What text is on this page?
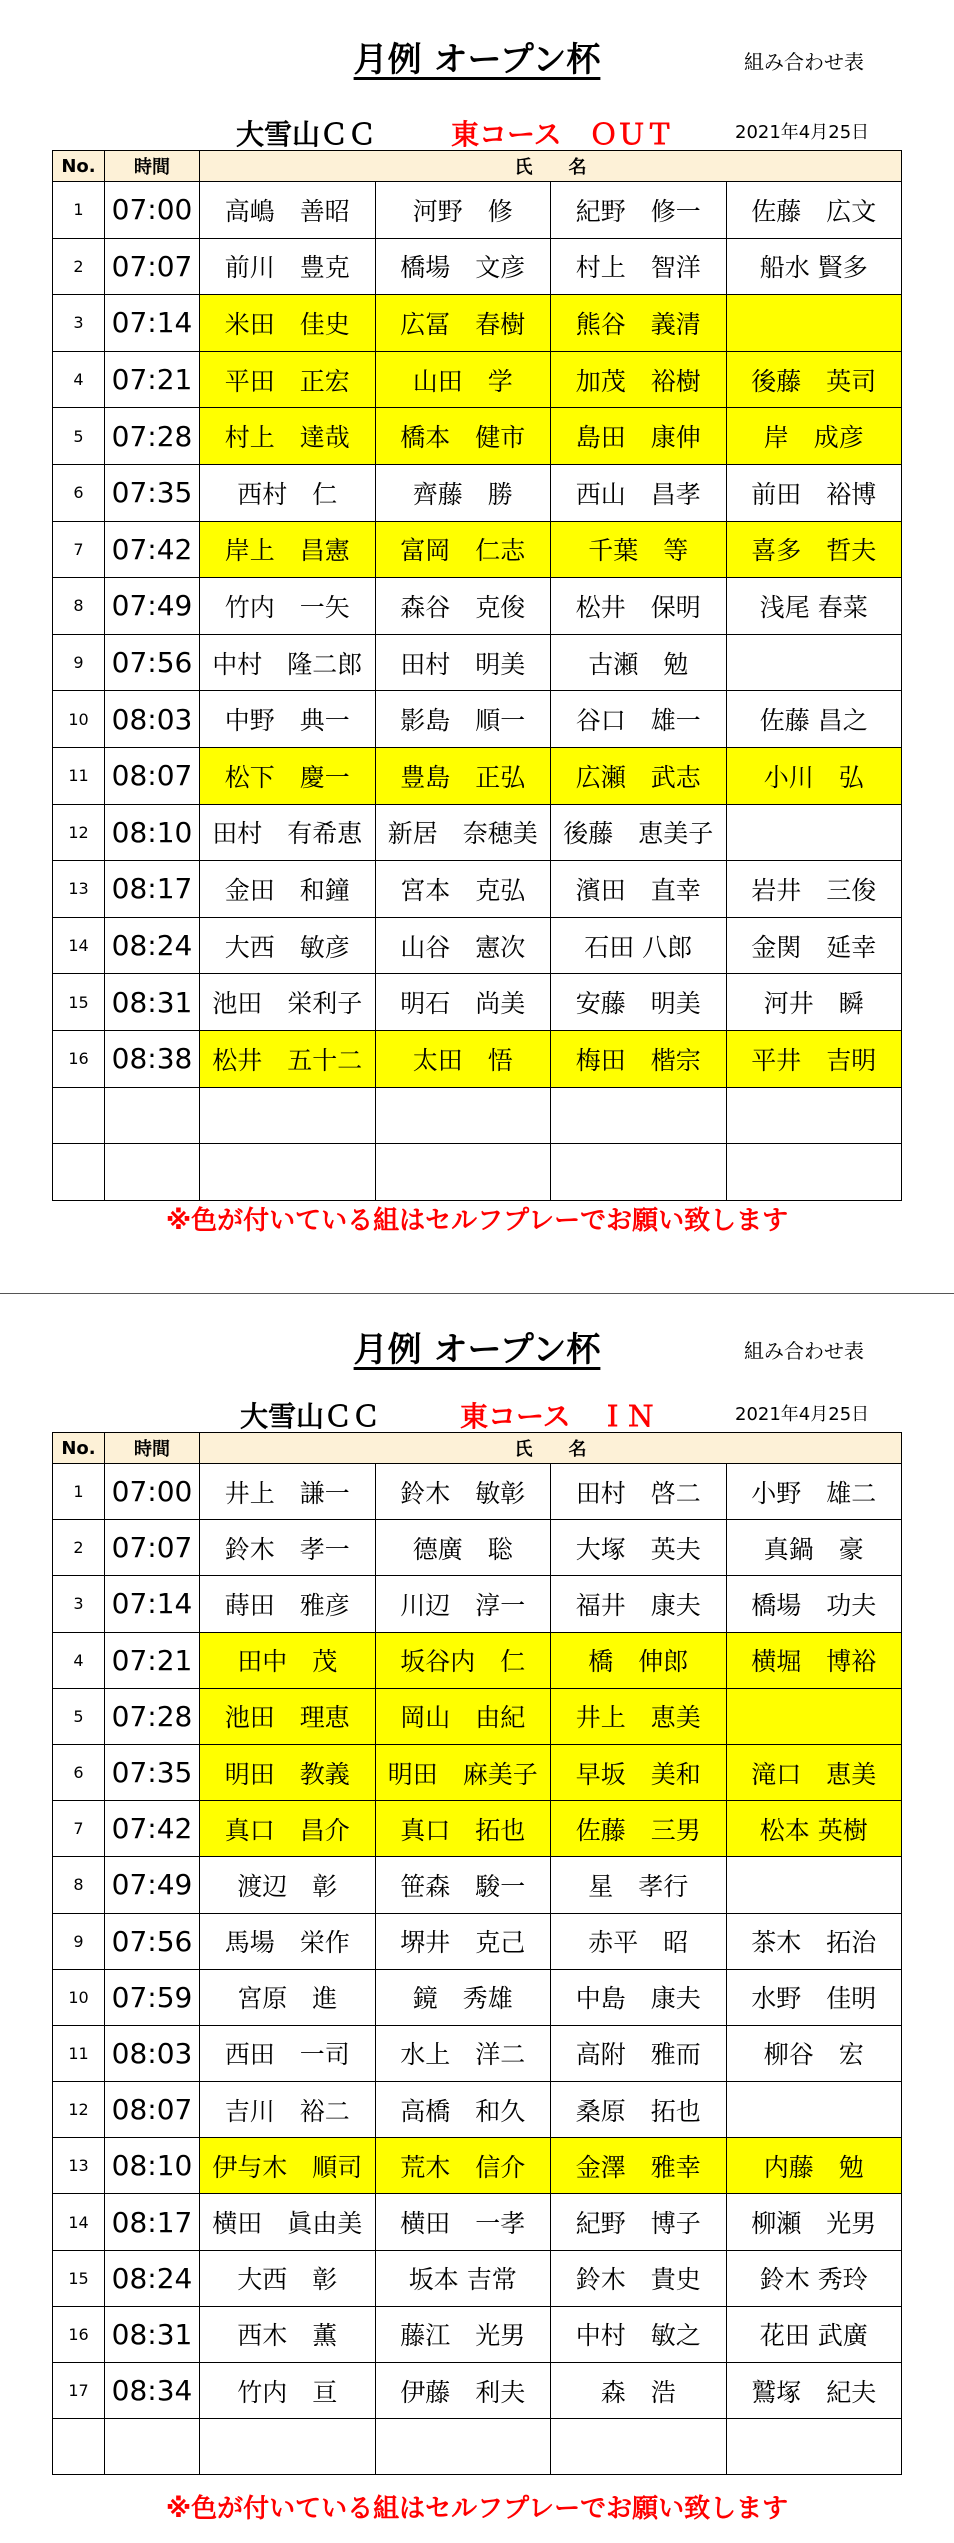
月例 オープン杯	組み合わせ表
大雪山ＣＣ	東コース　ＯＵＴ	2021年4月25日
No.	時間	氏　　名			
1	07:00	高嶋　善昭	河野　修	紀野　修一	佐藤　広文
2	07:07	前川　豊克	橋場　文彦	村上　智洋	船水 賢多
3	07:14	米田　佳史	広冨　春樹	熊谷　義清	
4	07:21	平田　正宏	山田　学	加茂　裕樹	後藤　英司
5	07:28	村上　達哉	橋本　健市	島田　康伸	岸　成彦
6	07:35	西村　仁	齊藤　勝	西山　昌孝	前田　裕博
7	07:42	岸上　昌憲	富岡　仁志	千葉　等	喜多　哲夫
8	07:49	竹内　一矢	森谷　克俊	松井　保明	浅尾 春菜
9	07:56	中村　隆二郎	田村　明美	古瀬　勉	
10	08:03	中野　典一	影島　順一	谷口　雄一	佐藤 昌之
11	08:07	松下　慶一	豊島　正弘	広瀬　武志	小川　弘
12	08:10	田村　有希恵	新居　奈穂美	後藤　恵美子	
13	08:17	金田　和鐘	宮本　克弘	濱田　直幸	岩井　三俊
14	08:24	大西　敏彦	山谷　憲次	石田 八郎	金関　延幸
15	08:31	池田　栄利子	明石　尚美	安藤　明美	河井　瞬
16	08:38	松井　五十二	太田　悟	梅田　楷宗	平井　吉明

※色が付いている組はセルフプレーでお願い致します
月例 オープン杯	組み合わせ表
大雪山ＣＣ	東コース　ＩＮ	2021年4月25日
No.	時間	氏　　名			
1	07:00	井上　謙一	鈴木　敏彰	田村　啓二	小野　雄二
2	07:07	鈴木　孝一	德廣　聡	大塚　英夫	真鍋　豪
3	07:14	蒔田　雅彦	川辺　淳一	福井　康夫	橋場　功夫
4	07:21	田中　茂	坂谷内　仁	橋　伸郎	横堀　博裕
5	07:28	池田　理恵	岡山　由紀	井上　恵美	
6	07:35	明田　教義	明田　麻美子	早坂　美和	滝口　恵美
7	07:42	真口　昌介	真口　拓也	佐藤　三男	松本 英樹
8	07:49	渡辺　彰	笹森　駿一	星　孝行	
9	07:56	馬場　栄作	堺井　克己	赤平　昭	茶木　拓治
10	07:59	宮原　進	鏡　秀雄	中島　康夫	水野　佳明
11	08:03	西田　一司	水上　洋二	高附　雅而	柳谷　宏
12	08:07	吉川　裕二	高橋　和久	桑原　拓也	
13	08:10	伊与木　順司	荒木　信介	金澤　雅幸	内藤　勉
14	08:17	横田　眞由美	横田　一孝	紀野　博子	柳瀬　光男
15	08:24	大西　彰	坂本 吉常	鈴木　貴史	鈴木 秀玲
16	08:31	西木　薫	藤江　光男	中村　敏之	花田 武廣
17	08:34	竹内　亘	伊藤　利夫	森　浩	鷲塚　紀夫

※色が付いている組はセルフプレーでお願い致します
